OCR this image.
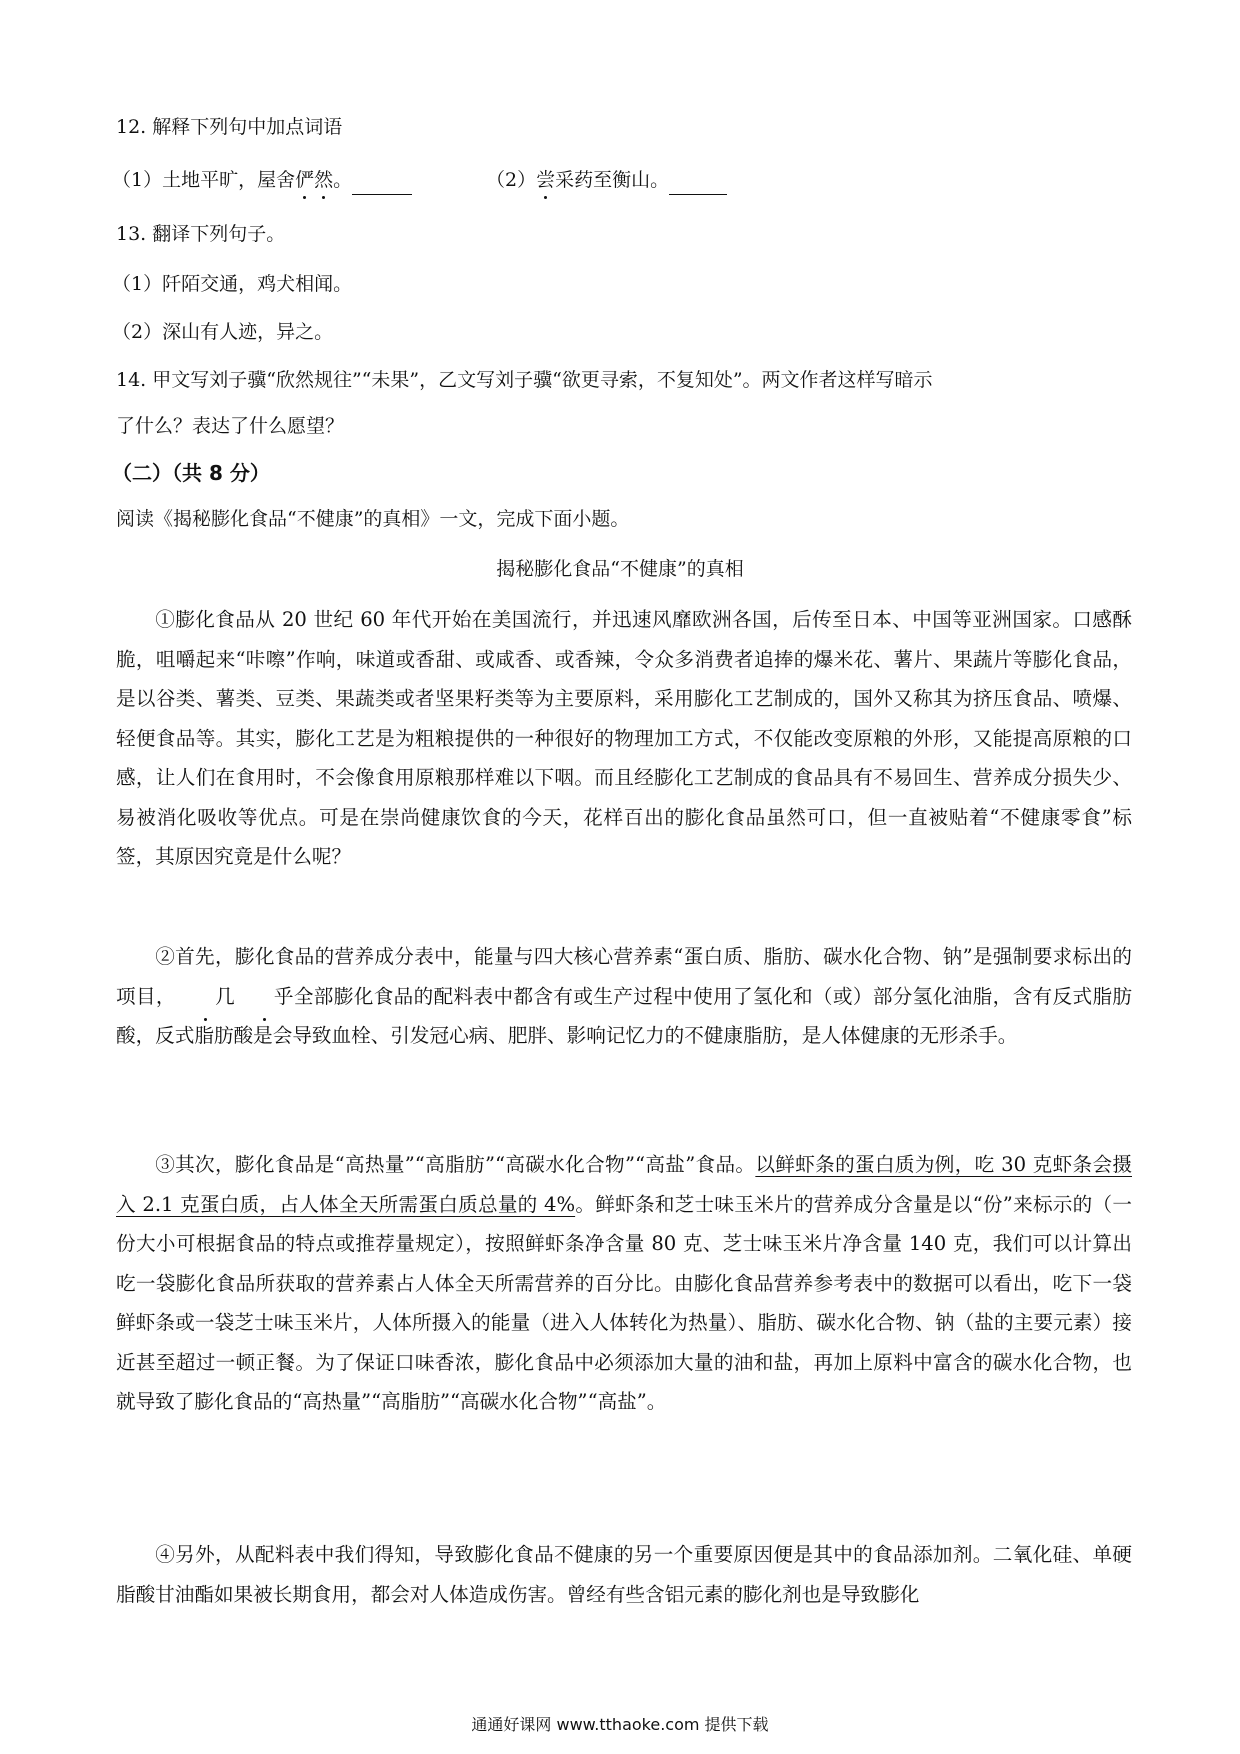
12. 解释下列句中加点词语
（1）土地平旷，屋舍俨然。	（2）尝采药至衡山。
13. 翻译下列句子。
（1）阡陌交通，鸡犬相闻。
（2）深山有人迹，异之。
14. 甲文写刘子骥“欣然规往”“未果”，乙文写刘子骥“欲更寻索，不复知处”。两文作者这样写暗示
了什么？表达了什么愿望？
（二）（共 8 分）
阅读《揭秘膨化食品“不健康”的真相》一文，完成下面小题。
揭秘膨化食品“不健康”的真相

①膨化食品从 20 世纪 60 年代开始在美国流行，并迅速风靡欧洲各国，后传至日本、中国等亚洲国家。口感酥脆，咀嚼起来“咔嚓”作响，味道或香甜、或咸香、或香辣，令众多消费者追捧的爆米花、薯片、果蔬片等膨化食品，是以谷类、薯类、豆类、果蔬类或者坚果籽类等为主要原料，采用膨化工艺制成的，国外又称其为挤压食品、喷爆、轻便食品等。其实，膨化工艺是为粗粮提供的一种很好的物理加工方式，不仅能改变原粮的外形，又能提高原粮的口感，让人们在食用时，不会像食用原粮那样难以下咽。而且经膨化工艺制成的食品具有不易回生、营养成分损失少、易被消化吸收等优点。可是在崇尚健康饮食的今天，花样百出的膨化食品虽然可口，但一直被贴着“不健康零食”标签，其原因究竟是什么呢？

②首先，膨化食品的营养成分表中，能量与四大核心营养素“蛋白质、脂肪、碳水化合物、钠”是强制要求标出的项目， 几 乎全部膨化食品的配料表中都含有或生产过程中使用了氢化和（或）部分氢化油脂，含有反式脂肪酸，反式脂肪酸是会导致血栓、引发冠心病、肥胖、影响记忆力的不健康脂肪，是人体健康的无形杀手。

③其次，膨化食品是“高热量”“高脂肪”“高碳水化合物”“高盐”食品。以鲜虾条的蛋白质为例，吃 30 克虾条会摄入 2.1 克蛋白质，占人体全天所需蛋白质总量的 4%。鲜虾条和芝士味玉米片的营养成分含量是以“份”来标示的（一份大小可根据食品的特点或推荐量规定），按照鲜虾条净含量 80 克、芝士味玉米片净含量 140 克，我们可以计算出吃一袋膨化食品所获取的营养素占人体全天所需营养的百分比。由膨化食品营养参考表中的数据可以看出，吃下一袋鲜虾条或一袋芝士味玉米片，人体所摄入的能量（进入人体转化为热量）、脂肪、碳水化合物、钠（盐的主要元素）接近甚至超过一顿正餐。为了保证口味香浓，膨化食品中必须添加大量的油和盐，再加上原料中富含的碳水化合物，也就导致了膨化食品的“高热量”“高脂肪”“高碳水化合物”“高盐”。

④另外，从配料表中我们得知，导致膨化食品不健康的另一个重要原因便是其中的食品添加剂。二氧化硅、单硬脂酸甘油酯如果被长期食用，都会对人体造成伤害。曾经有些含铝元素的膨化剂也是导致膨化

通通好课网 www.tthaoke.com 提供下载
